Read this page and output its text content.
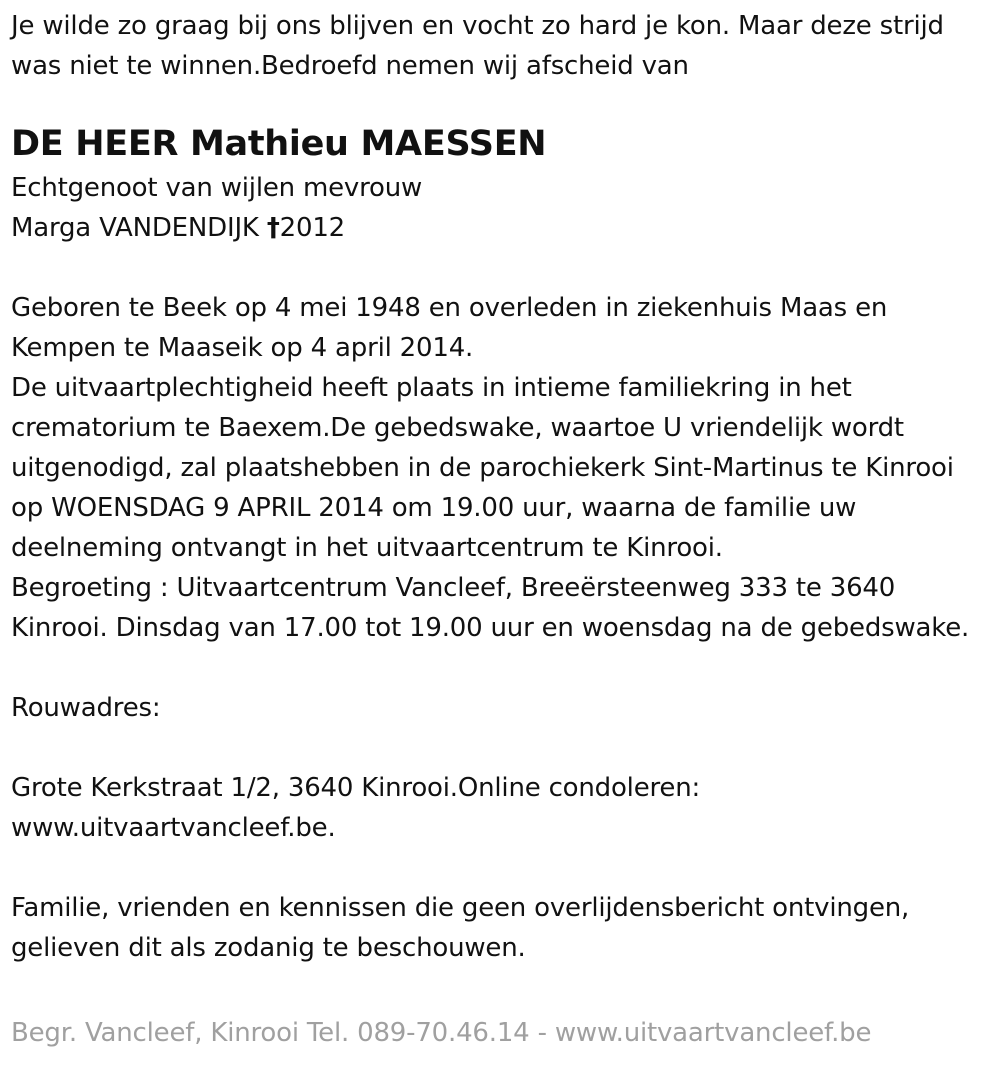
Je wilde zo graag bij ons blijven en vocht zo hard je kon. Maar deze strijd
was niet te winnen.Bedroefd nemen wij afscheid van
DE HEER Mathieu MAESSEN
Echtgenoot van wijlen mevrouw
Marga VANDENDIJK †2012
Geboren te Beek op 4 mei 1948 en overleden in ziekenhuis Maas en
Kempen te Maaseik op 4 april 2014.
De uitvaartplechtigheid heeft plaats in intieme familiekring in het
crematorium te Baexem.De gebedswake, waartoe U vriendelijk wordt
uitgenodigd, zal plaatshebben in de parochiekerk Sint-Martinus te Kinrooi
op WOENSDAG 9 APRIL 2014 om 19.00 uur, waarna de familie uw
deelneming ontvangt in het uitvaartcentrum te Kinrooi.
Begroeting : Uitvaartcentrum Vancleef, Breeërsteenweg 333 te 3640
Kinrooi. Dinsdag van 17.00 tot 19.00 uur en woensdag na de gebedswake.
Rouwadres:
Grote Kerkstraat 1/2, 3640 Kinrooi.Online condoleren:
www.uitvaartvancleef.be.
Familie, vrienden en kennissen die geen overlijdensbericht ontvingen,
gelieven dit als zodanig te beschouwen.
Begr. Vancleef, Kinrooi Tel. 089-70.46.14 - www.uitvaartvancleef.be
